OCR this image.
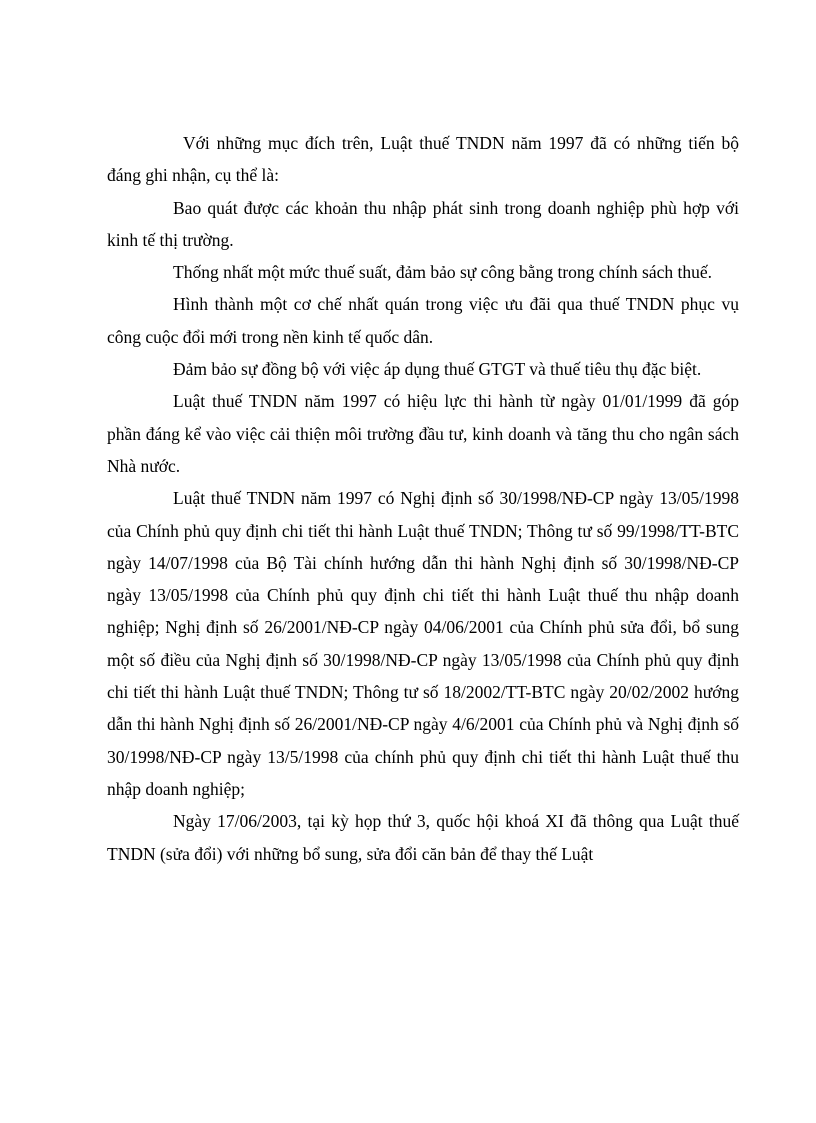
Với những mục đích trên, Luật thuế TNDN năm 1997 đã có những tiến bộ đáng ghi nhận, cụ thể là:

Bao quát được các khoản thu nhập phát sinh trong doanh nghiệp phù hợp với kinh tế thị trường.

Thống nhất một mức thuế suất, đảm bảo sự công bằng trong chính sách thuế.

Hình thành một cơ chế nhất quán trong việc ưu đãi qua thuế TNDN phục vụ công cuộc đổi mới trong nền kinh tế quốc dân.

Đảm bảo sự đồng bộ với việc áp dụng thuế GTGT và thuế tiêu thụ đặc biệt.

Luật thuế TNDN năm 1997 có hiệu lực thi hành từ ngày 01/01/1999 đã góp phần đáng kể vào việc cải thiện môi trường đầu tư, kinh doanh và tăng thu cho ngân sách Nhà nước.

Luật thuế TNDN năm 1997 có Nghị định số 30/1998/NĐ-CP ngày 13/05/1998 của Chính phủ quy định chi tiết thi hành Luật thuế TNDN; Thông tư số 99/1998/TT-BTC ngày 14/07/1998 của Bộ Tài chính hướng dẫn thi hành Nghị định số 30/1998/NĐ-CP ngày 13/05/1998 của Chính phủ quy định chi tiết thi hành Luật thuế thu nhập doanh nghiệp; Nghị định số 26/2001/NĐ-CP ngày 04/06/2001 của Chính phủ sửa đổi, bổ sung một số điều của Nghị định số 30/1998/NĐ-CP ngày 13/05/1998 của Chính phủ quy định chi tiết thi hành Luật thuế TNDN; Thông tư số 18/2002/TT-BTC ngày 20/02/2002 hướng dẫn thi hành Nghị định số 26/2001/NĐ-CP ngày 4/6/2001 của Chính phủ và Nghị định số 30/1998/NĐ-CP ngày 13/5/1998 của chính phủ quy định chi tiết thi hành Luật thuế thu nhập doanh nghiệp;

Ngày 17/06/2003, tại kỳ họp thứ 3, quốc hội khoá XI đã thông qua Luật thuế TNDN (sửa đổi) với những bổ sung, sửa đổi căn bản để thay thế Luật
